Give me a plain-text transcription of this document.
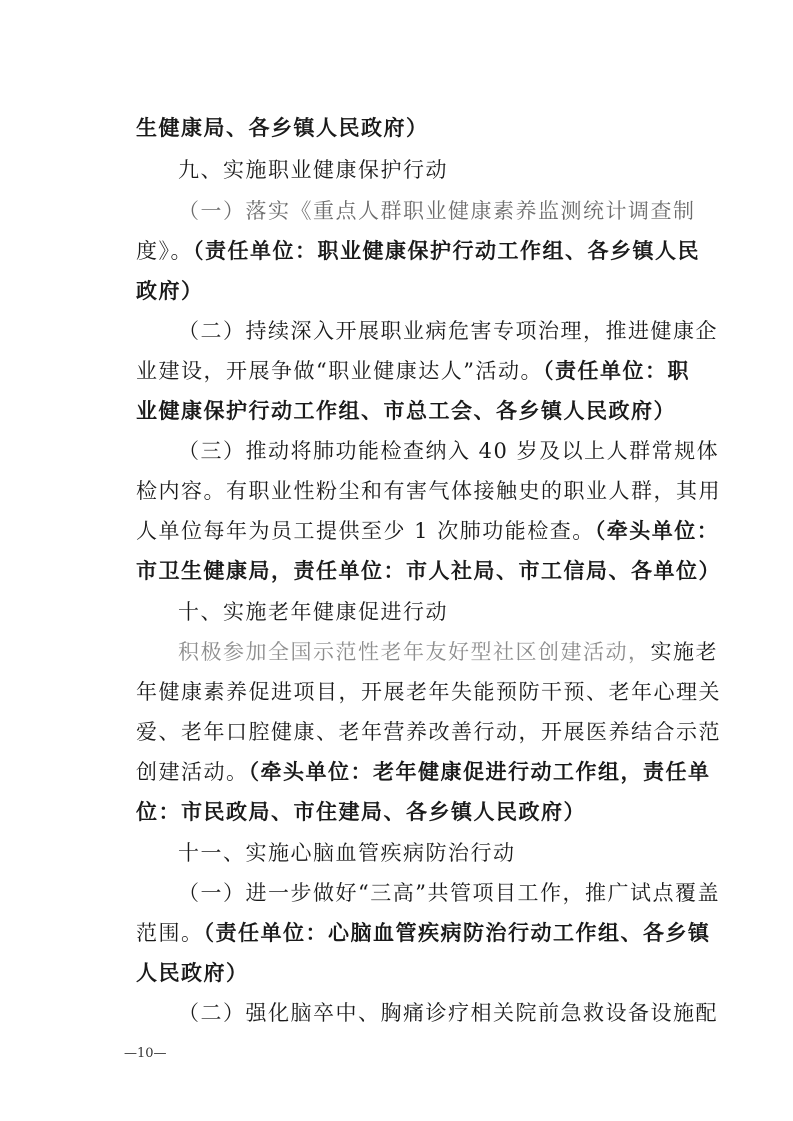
生健康局、各乡镇人民政府）
九、实施职业健康保护行动
（一）落实《重点人群职业健康素养监测统计调查制
度》。（责任单位：职业健康保护行动工作组、各乡镇人民
政府）
（二）持续深入开展职业病危害专项治理，推进健康企
业建设，开展争做“职业健康达人”活动。（责任单位：职
业健康保护行动工作组、市总工会、各乡镇人民政府）
（三）推动将肺功能检查纳入 40 岁及以上人群常规体
检内容。有职业性粉尘和有害气体接触史的职业人群，其用
人单位每年为员工提供至少 1 次肺功能检查。（牵头单位：
市卫生健康局，责任单位：市人社局、市工信局、各单位）
十、实施老年健康促进行动
积极参加全国示范性老年友好型社区创建活动，实施老
年健康素养促进项目，开展老年失能预防干预、老年心理关
爱、老年口腔健康、老年营养改善行动，开展医养结合示范
创建活动。（牵头单位：老年健康促进行动工作组，责任单
位：市民政局、市住建局、各乡镇人民政府）
十一、实施心脑血管疾病防治行动
（一）进一步做好“三高”共管项目工作，推广试点覆盖
范围。（责任单位：心脑血管疾病防治行动工作组、各乡镇
人民政府）
（二）强化脑卒中、胸痛诊疗相关院前急救设备设施配
—10—
